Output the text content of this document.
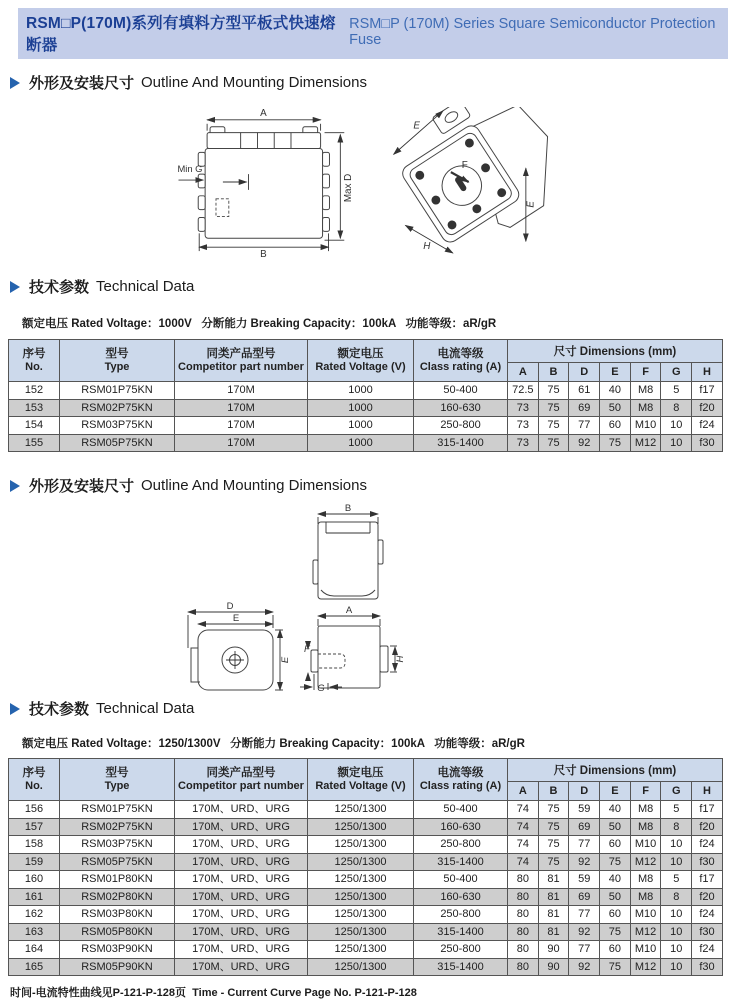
RSM□P(170M)系列有填料方型平板式快速熔断器
RSM□P (170M) Series Square Semiconductor Protection Fuse
外形及安装尺寸 Outline And Mounting Dimensions
A
Min G
B
Max D
E
F
H
E
技术参数 Technical Data
额定电压 Rated Voltage：1000V   分断能力 Breaking Capacity：100kA   功能等级：aR/gR
序号
No.	型号
Type	同类产品型号
Competitor part number	额定电压
Rated Voltage (V)	电流等级
Class rating (A)	尺寸 Dimensions (mm)						
					A	B	D	E	F	G	H
152	RSM01P75KN	170M	1000	50-400	72.5	75	61	40	M8	5	f17
153	RSM02P75KN	170M	1000	160-630	73	75	69	50	M8	8	f20
154	RSM03P75KN	170M	1000	250-800	73	75	77	60	M10	10	f24
155	RSM05P75KN	170M	1000	315-1400	73	75	92	75	M12	10	f30
外形及安装尺寸 Outline And Mounting Dimensions
B
D
E
E
A
F
H
G
技术参数 Technical Data
额定电压 Rated Voltage：1250/1300V   分断能力 Breaking Capacity：100kA   功能等级：aR/gR
序号
No.	型号
Type	同类产品型号
Competitor part number	额定电压
Rated Voltage (V)	电流等级
Class rating (A)	尺寸 Dimensions (mm)						
					A	B	D	E	F	G	H
156	RSM01P75KN	170M、URD、URG	1250/1300	50-400	74	75	59	40	M8	5	f17
157	RSM02P75KN	170M、URD、URG	1250/1300	160-630	74	75	69	50	M8	8	f20
158	RSM03P75KN	170M、URD、URG	1250/1300	250-800	74	75	77	60	M10	10	f24
159	RSM05P75KN	170M、URD、URG	1250/1300	315-1400	74	75	92	75	M12	10	f30
160	RSM01P80KN	170M、URD、URG	1250/1300	50-400	80	81	59	40	M8	5	f17
161	RSM02P80KN	170M、URD、URG	1250/1300	160-630	80	81	69	50	M8	8	f20
162	RSM03P80KN	170M、URD、URG	1250/1300	250-800	80	81	77	60	M10	10	f24
163	RSM05P80KN	170M、URD、URG	1250/1300	315-1400	80	81	92	75	M12	10	f30
164	RSM03P90KN	170M、URD、URG	1250/1300	250-800	80	90	77	60	M10	10	f24
165	RSM05P90KN	170M、URD、URG	1250/1300	315-1400	80	90	92	75	M12	10	f30
时间-电流特性曲线见P-121-P-128页  Time - Current Curve Page No. P-121-P-128
